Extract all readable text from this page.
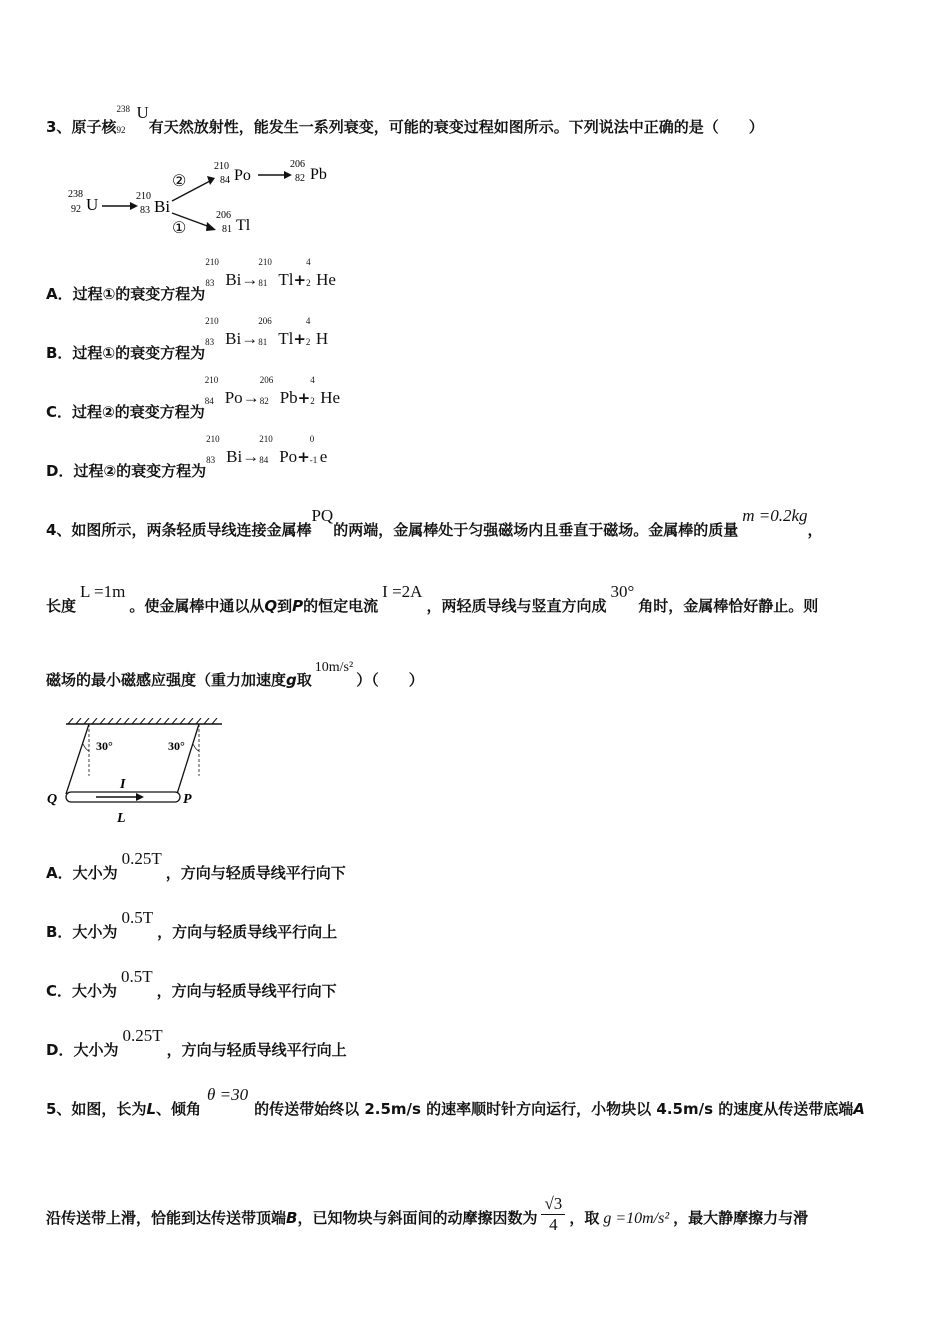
3、原子核
238
92
U有天然放射性，能发生一系列衰变，可能的衰变过程如图所示。下列说法中正确的是（　　）
238
92 U	210
83 Bi
②
①
210
84 Po
206
82 Pb
206
81 Tl
A．过程①的衰变方程为
210
83 Bi→
210
81 Tl+
4
2 He
B．过程①的衰变方程为
210
83 Bi→
206
81 Tl+
4
2 H
C．过程②的衰变方程为
210
84 Po→
206
82 Pb+
4
2 He
D．过程②的衰变方程为
210
83 Bi→
210
84 Po+
0
-1 e
4、如图所示，两条轻质导线连接金属棒PQ的两端，金属棒处于匀强磁场内且垂直于磁场。金属棒的质量m =0.2kg，
长度L =1m。使金属棒中通以从Q到P的恒定电流I =2A，两轻质导线与竖直方向成30°角时，金属棒恰好静止。则
磁场的最小磁感应强度（重力加速度g取10m/s²）（　　）
30°	30°
Q	P
I
L
A．大小为0.25T，方向与轻质导线平行向下
B．大小为0.5T，方向与轻质导线平行向上
C．大小为0.5T，方向与轻质导线平行向下
D．大小为0.25T，方向与轻质导线平行向上
5、如图，长为L、倾角θ =30的传送带始终以 2.5m/s 的速率顺时针方向运行，小物块以 4.5m/s 的速度从传送带底端A
沿传送带上滑，恰能到达传送带顶端B，已知物块与斜面间的动摩擦因数为 $\frac{√3}{4}$ ，取 g =10m/s² ，最大静摩擦力与滑
